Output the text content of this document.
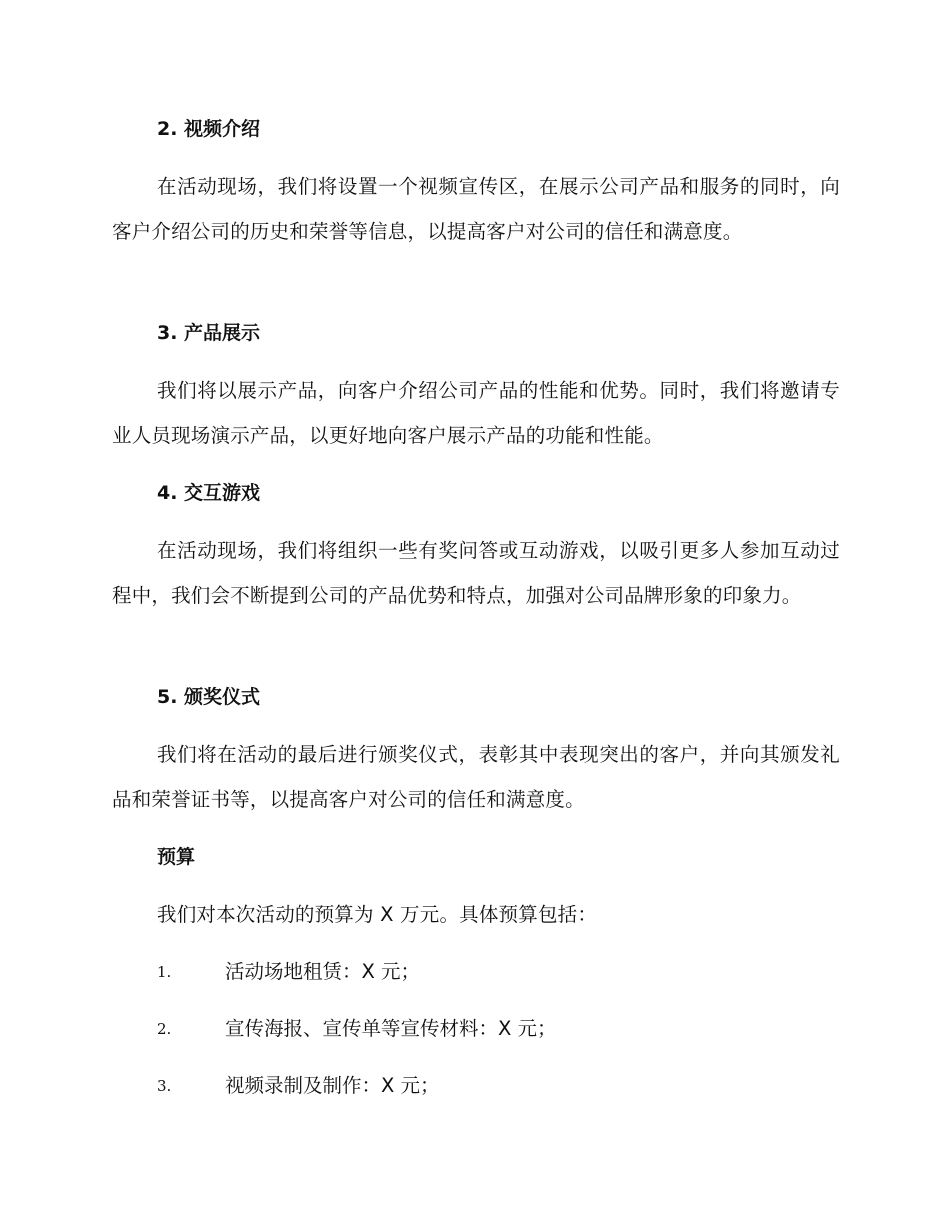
2. 视频介绍
在活动现场，我们将设置一个视频宣传区，在展示公司产品和服务的同时，向客户介绍公司的历史和荣誉等信息，以提高客户对公司的信任和满意度。
3. 产品展示
我们将以展示产品，向客户介绍公司产品的性能和优势。同时，我们将邀请专业人员现场演示产品，以更好地向客户展示产品的功能和性能。
4. 交互游戏
在活动现场，我们将组织一些有奖问答或互动游戏，以吸引更多人参加互动过程中，我们会不断提到公司的产品优势和特点，加强对公司品牌形象的印象力。
5. 颁奖仪式
我们将在活动的最后进行颁奖仪式，表彰其中表现突出的客户，并向其颁发礼品和荣誉证书等，以提高客户对公司的信任和满意度。
预算
我们对本次活动的预算为 X 万元。具体预算包括：
1.	活动场地租赁：X 元；
2.	宣传海报、宣传单等宣传材料：X 元；
3.	视频录制及制作：X 元；
